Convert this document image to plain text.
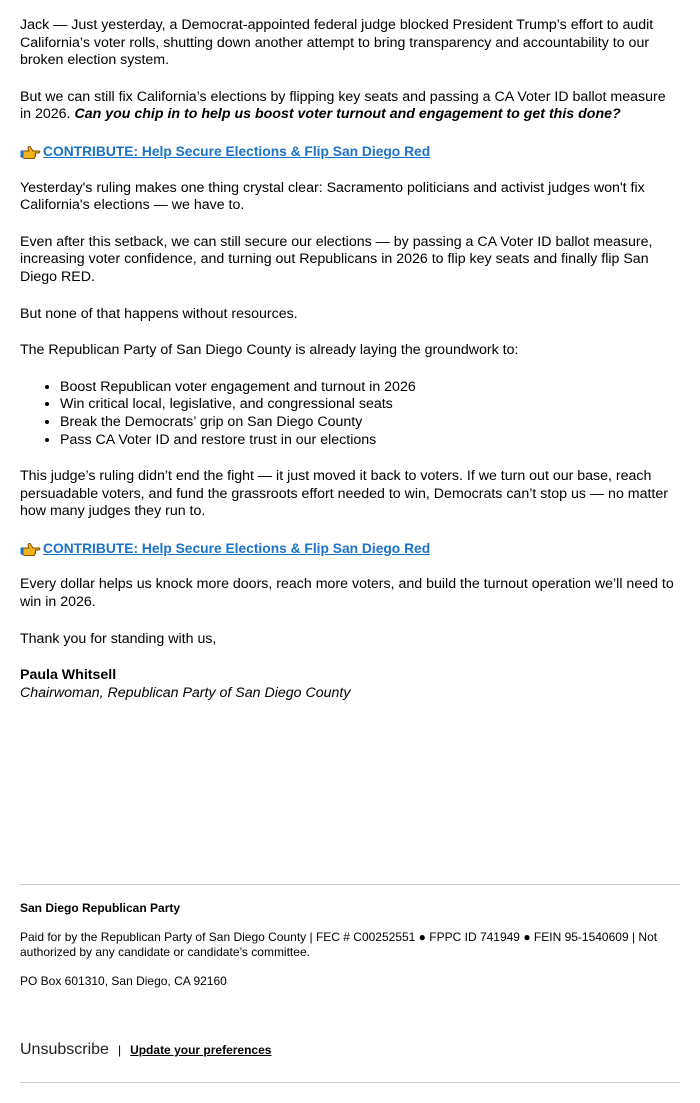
Jack — Just yesterday, a Democrat-appointed federal judge blocked President Trump’s effort to audit California’s voter rolls, shutting down another attempt to bring transparency and accountability to our broken election system.

But we can still fix California’s elections by flipping key seats and passing a CA Voter ID ballot measure in 2026. Can you chip in to help us boost voter turnout and engagement to get this done?

CONTRIBUTE: Help Secure Elections & Flip San Diego Red

Yesterday's ruling makes one thing crystal clear: Sacramento politicians and activist judges won't fix California's elections — we have to.

Even after this setback, we can still secure our elections — by passing a CA Voter ID ballot measure, increasing voter confidence, and turning out Republicans in 2026 to flip key seats and finally flip San Diego RED.

But none of that happens without resources.

The Republican Party of San Diego County is already laying the groundwork to:

• Boost Republican voter engagement and turnout in 2026
• Win critical local, legislative, and congressional seats
• Break the Democrats’ grip on San Diego County
• Pass CA Voter ID and restore trust in our elections

This judge’s ruling didn’t end the fight — it just moved it back to voters. If we turn out our base, reach persuadable voters, and fund the grassroots effort needed to win, Democrats can’t stop us — no matter how many judges they run to.

CONTRIBUTE: Help Secure Elections & Flip San Diego Red

Every dollar helps us knock more doors, reach more voters, and build the turnout operation we’ll need to win in 2026.

Thank you for standing with us,

Paula Whitsell
Chairwoman, Republican Party of San Diego County
San Diego Republican Party
Paid for by the Republican Party of San Diego County | FEC # C00252551 ● FPPC ID 741949 ● FEIN 95-1540609 | Not authorized by any candidate or candidate’s committee.
PO Box 601310, San Diego, CA 92160
Unsubscribe | Update your preferences
